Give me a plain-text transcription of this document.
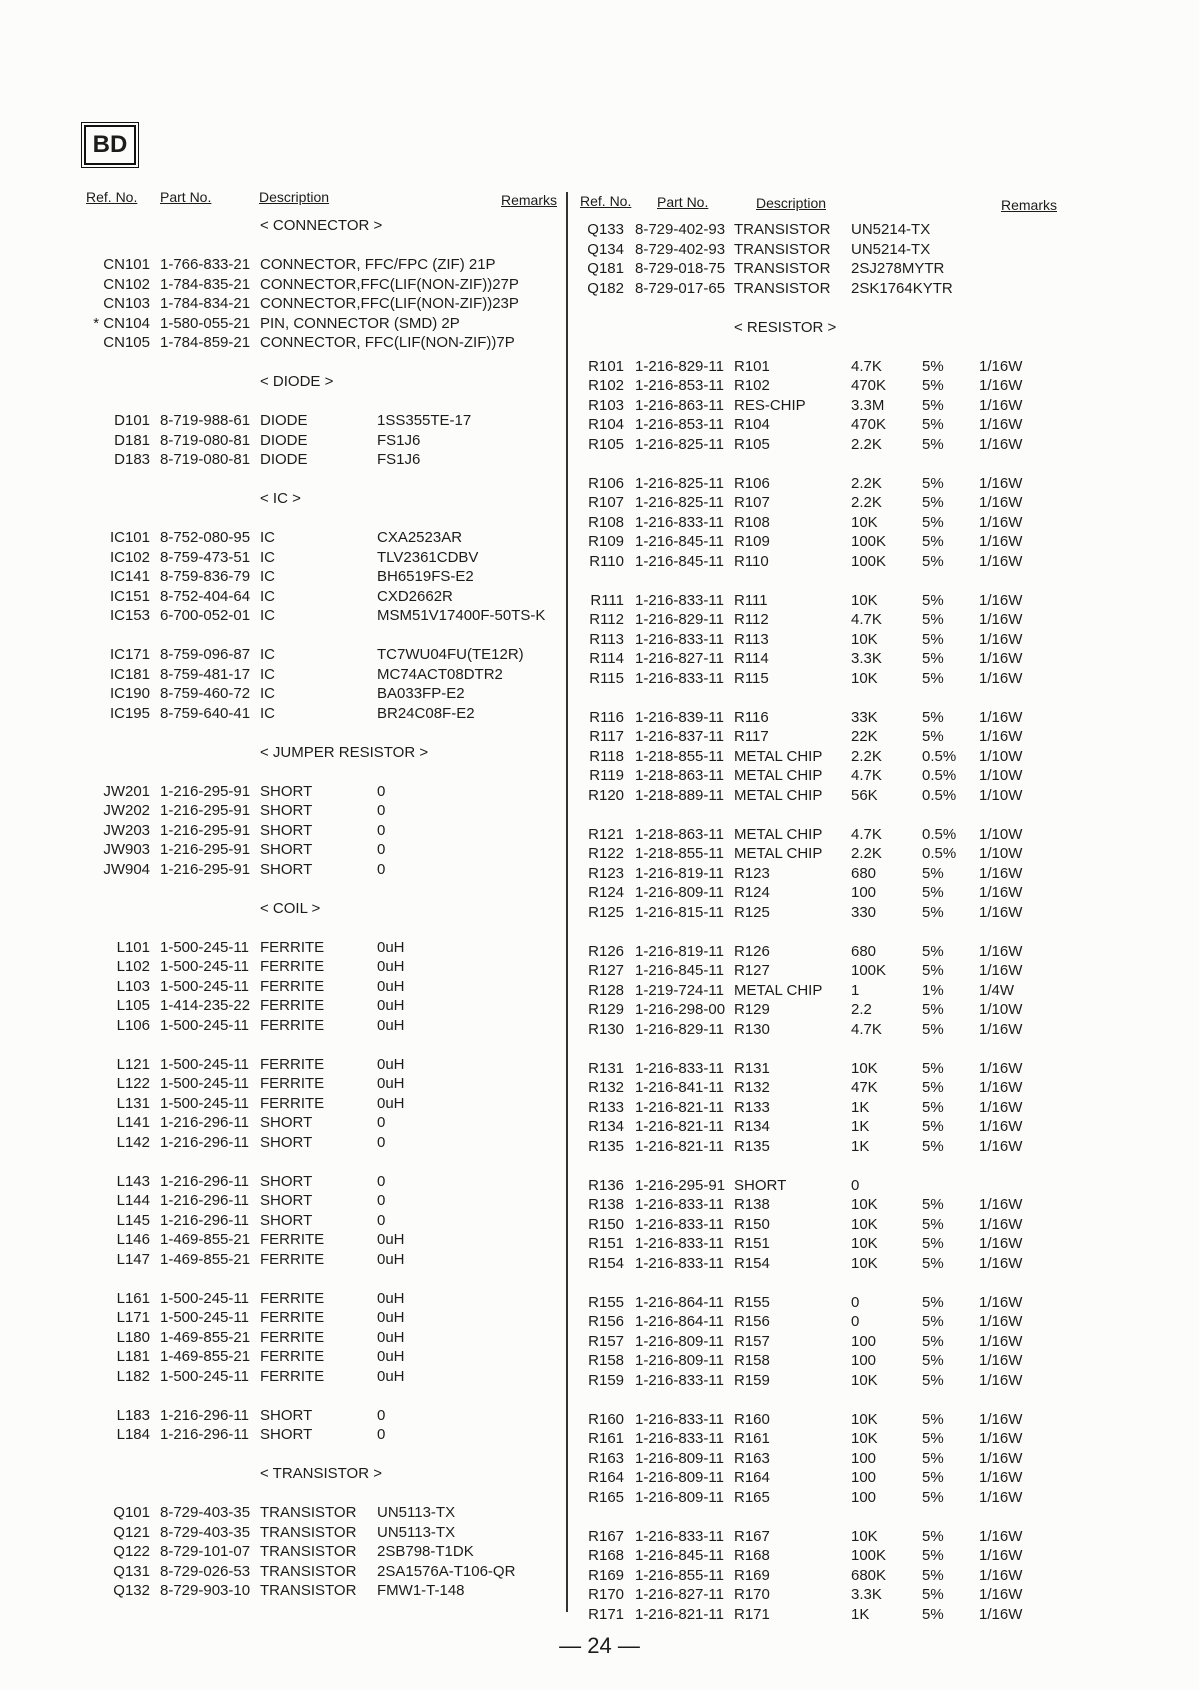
BD
Ref. No. Part No.	Description	Remarks Ref. No. Part No.	Description	Remarks
< CONNECTOR >
CN101 1-766-833-21 CONNECTOR, FFC/FPC (ZIF) 21P
CN102 1-784-835-21 CONNECTOR,FFC(LIF(NON-ZIF))27P
CN103 1-784-834-21 CONNECTOR,FFC(LIF(NON-ZIF))23P
* CN104 1-580-055-21 PIN, CONNECTOR (SMD) 2P
CN105 1-784-859-21 CONNECTOR, FFC(LIF(NON-ZIF))7P
< DIODE >
D101 8-719-988-61 DIODE	1SS355TE-17
D181 8-719-080-81 DIODE	FS1J6
D183 8-719-080-81 DIODE	FS1J6
< IC >
IC101 8-752-080-95 IC	CXA2523AR
IC102 8-759-473-51 IC	TLV2361CDBV
IC141 8-759-836-79 IC	BH6519FS-E2
IC151 8-752-404-64 IC	CXD2662R
IC153 6-700-052-01 IC	MSM51V17400F-50TS-K
IC171 8-759-096-87 IC	TC7WU04FU(TE12R)
IC181 8-759-481-17 IC	MC74ACT08DTR2
IC190 8-759-460-72 IC	BA033FP-E2
IC195 8-759-640-41 IC	BR24C08F-E2
< JUMPER RESISTOR >
JW201 1-216-295-91 SHORT	0
JW202 1-216-295-91 SHORT	0
JW203 1-216-295-91 SHORT	0
JW903 1-216-295-91 SHORT	0
JW904 1-216-295-91 SHORT	0
< COIL >
L101 1-500-245-11 FERRITE	0uH
L102 1-500-245-11 FERRITE	0uH
L103 1-500-245-11 FERRITE	0uH
L105 1-414-235-22 FERRITE	0uH
L106 1-500-245-11 FERRITE	0uH
L121 1-500-245-11 FERRITE	0uH
L122 1-500-245-11 FERRITE	0uH
L131 1-500-245-11 FERRITE	0uH
L141 1-216-296-11 SHORT	0
L142 1-216-296-11 SHORT	0
L143 1-216-296-11 SHORT	0
L144 1-216-296-11 SHORT	0
L145 1-216-296-11 SHORT	0
L146 1-469-855-21 FERRITE	0uH
L147 1-469-855-21 FERRITE	0uH
L161 1-500-245-11 FERRITE	0uH
L171 1-500-245-11 FERRITE	0uH
L180 1-469-855-21 FERRITE	0uH
L181 1-469-855-21 FERRITE	0uH
L182 1-500-245-11 FERRITE	0uH
L183 1-216-296-11 SHORT	0
L184 1-216-296-11 SHORT	0
< TRANSISTOR >
Q101 8-729-403-35 TRANSISTOR	UN5113-TX
Q121 8-729-403-35 TRANSISTOR	UN5113-TX
Q122 8-729-101-07 TRANSISTOR	2SB798-T1DK
Q131 8-729-026-53 TRANSISTOR	2SA1576A-T106-QR
Q132 8-729-903-10 TRANSISTOR	FMW1-T-148
Q133 8-729-402-93 TRANSISTOR	UN5214-TX
Q134 8-729-402-93 TRANSISTOR	UN5214-TX
Q181 8-729-018-75 TRANSISTOR	2SJ278MYTR
Q182 8-729-017-65 TRANSISTOR	2SK1764KYTR
< RESISTOR >
R101 1-216-829-11 R101	4.7K	5%	1/16W
R102 1-216-853-11 R102	470K	5%	1/16W
R103 1-216-863-11 RES-CHIP	3.3M	5%	1/16W
R104 1-216-853-11 R104	470K	5%	1/16W
R105 1-216-825-11 R105	2.2K	5%	1/16W
R106 1-216-825-11 R106	2.2K	5%	1/16W
R107 1-216-825-11 R107	2.2K	5%	1/16W
R108 1-216-833-11 R108	10K	5%	1/16W
R109 1-216-845-11 R109	100K	5%	1/16W
R110 1-216-845-11 R110	100K	5%	1/16W
R111 1-216-833-11 R111	10K	5%	1/16W
R112 1-216-829-11 R112	4.7K	5%	1/16W
R113 1-216-833-11 R113	10K	5%	1/16W
R114 1-216-827-11 R114	3.3K	5%	1/16W
R115 1-216-833-11 R115	10K	5%	1/16W
R116 1-216-839-11 R116	33K	5%	1/16W
R117 1-216-837-11 R117	22K	5%	1/16W
R118 1-218-855-11 METAL CHIP	2.2K	0.5%	1/10W
R119 1-218-863-11 METAL CHIP	4.7K	0.5%	1/10W
R120 1-218-889-11 METAL CHIP	56K	0.5%	1/10W
R121 1-218-863-11 METAL CHIP	4.7K	0.5%	1/10W
R122 1-218-855-11 METAL CHIP	2.2K	0.5%	1/10W
R123 1-216-819-11 R123	680	5%	1/16W
R124 1-216-809-11 R124	100	5%	1/16W
R125 1-216-815-11 R125	330	5%	1/16W
R126 1-216-819-11 R126	680	5%	1/16W
R127 1-216-845-11 R127	100K	5%	1/16W
R128 1-219-724-11 METAL CHIP	1	1%	1/4W
R129 1-216-298-00 R129	2.2	5%	1/10W
R130 1-216-829-11 R130	4.7K	5%	1/16W
R131 1-216-833-11 R131	10K	5%	1/16W
R132 1-216-841-11 R132	47K	5%	1/16W
R133 1-216-821-11 R133	1K	5%	1/16W
R134 1-216-821-11 R134	1K	5%	1/16W
R135 1-216-821-11 R135	1K	5%	1/16W
R136 1-216-295-91 SHORT	0
R138 1-216-833-11 R138	10K	5%	1/16W
R150 1-216-833-11 R150	10K	5%	1/16W
R151 1-216-833-11 R151	10K	5%	1/16W
R154 1-216-833-11 R154	10K	5%	1/16W
R155 1-216-864-11 R155	0	5%	1/16W
R156 1-216-864-11 R156	0	5%	1/16W
R157 1-216-809-11 R157	100	5%	1/16W
R158 1-216-809-11 R158	100	5%	1/16W
R159 1-216-833-11 R159	10K	5%	1/16W
R160 1-216-833-11 R160	10K	5%	1/16W
R161 1-216-833-11 R161	10K	5%	1/16W
R163 1-216-809-11 R163	100	5%	1/16W
R164 1-216-809-11 R164	100	5%	1/16W
R165 1-216-809-11 R165	100	5%	1/16W
R167 1-216-833-11 R167	10K	5%	1/16W
R168 1-216-845-11 R168	100K	5%	1/16W
R169 1-216-855-11 R169	680K	5%	1/16W
R170 1-216-827-11 R170	3.3K	5%	1/16W
R171 1-216-821-11 R171	1K	5%	1/16W
— 24 —
